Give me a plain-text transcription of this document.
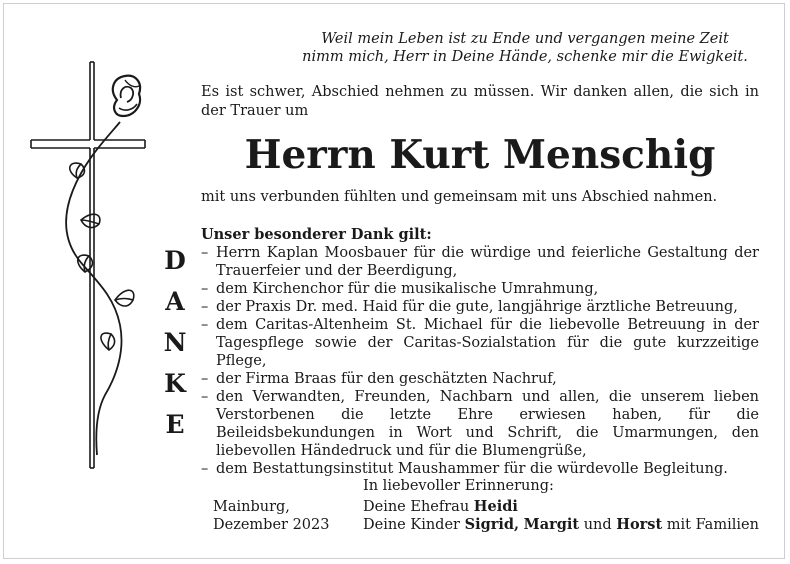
Weil mein Leben ist zu Ende und vergangen meine Zeit
nimm mich, Herr in Deine Hände, schenke mir die Ewigkeit.
Es ist schwer, Abschied nehmen zu müssen. Wir danken allen, die sich in der Trauer um
Herrn Kurt Menschig
mit uns verbunden fühlten und gemeinsam mit uns Abschied nahmen.
Unser besonderer Dank gilt:
– Herrn Kaplan Moosbauer für die würdige und feierliche Gestaltung der Trauerfeier und der Beerdigung,
– dem Kirchenchor für die musikalische Umrahmung,
– der Praxis Dr. med. Haid für die gute, langjährige ärztliche Betreuung,
– dem Caritas-Altenheim St. Michael für die liebevolle Betreuung in der Tagespflege sowie der Caritas-Sozialstation für die gute kurzzeitige Pflege,
– der Firma Braas für den geschätzten Nachruf,
– den Verwandten, Freunden, Nachbarn und allen, die unserem lieben Verstorbenen die letzte Ehre erwiesen haben, für die Beileidsbekundungen in Wort und Schrift, die Umarmungen, den liebevollen Händedruck und für die Blumengrüße,
– dem Bestattungsinstitut Maushammer für die würdevolle Begleitung.
D
A
N
K
E
In liebevoller Erinnerung:
Mainburg,
Dezember 2023
Deine Ehefrau Heidi
Deine Kinder Sigrid, Margit und Horst mit Familien
